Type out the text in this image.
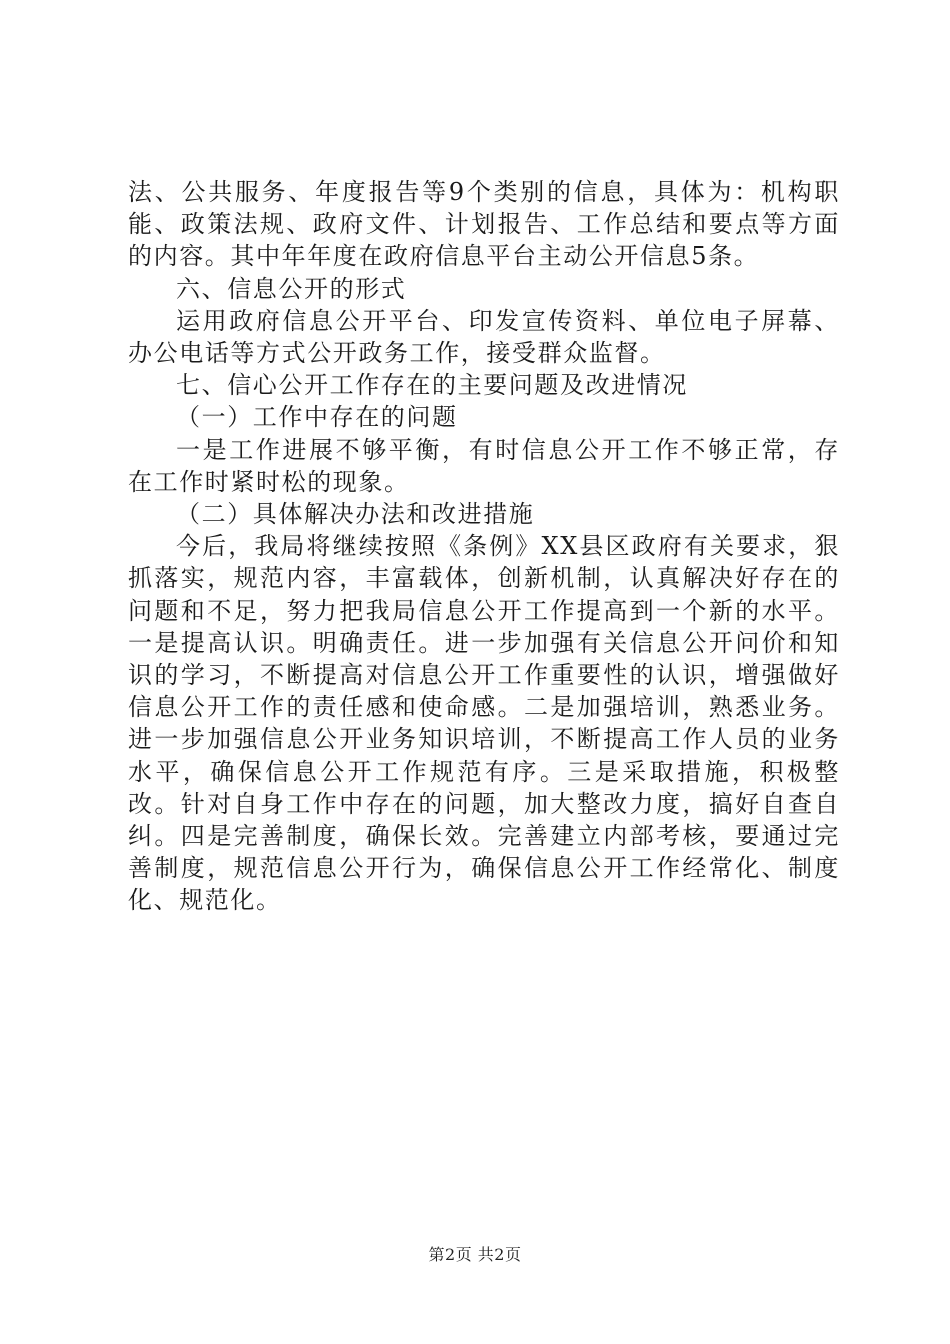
法、公共服务、年度报告等9个类别的信息，具体为：机构职能、政策法规、政府文件、计划报告、工作总结和要点等方面的内容。其中年年度在政府信息平台主动公开信息5条。

六、信息公开的形式

运用政府信息公开平台、印发宣传资料、单位电子屏幕、办公电话等方式公开政务工作，接受群众监督。

七、信心公开工作存在的主要问题及改进情况

（一）工作中存在的问题

一是工作进展不够平衡，有时信息公开工作不够正常，存在工作时紧时松的现象。

（二）具体解决办法和改进措施

今后，我局将继续按照《条例》XX县区政府有关要求，狠抓落实，规范内容，丰富载体，创新机制，认真解决好存在的问题和不足，努力把我局信息公开工作提高到一个新的水平。一是提高认识。明确责任。进一步加强有关信息公开问价和知识的学习，不断提高对信息公开工作重要性的认识，增强做好信息公开工作的责任感和使命感。二是加强培训，熟悉业务。进一步加强信息公开业务知识培训，不断提高工作人员的业务水平，确保信息公开工作规范有序。三是采取措施，积极整改。针对自身工作中存在的问题，加大整改力度，搞好自查自纠。四是完善制度，确保长效。完善建立内部考核，要通过完善制度，规范信息公开行为，确保信息公开工作经常化、制度化、规范化。

第2页 共2页
